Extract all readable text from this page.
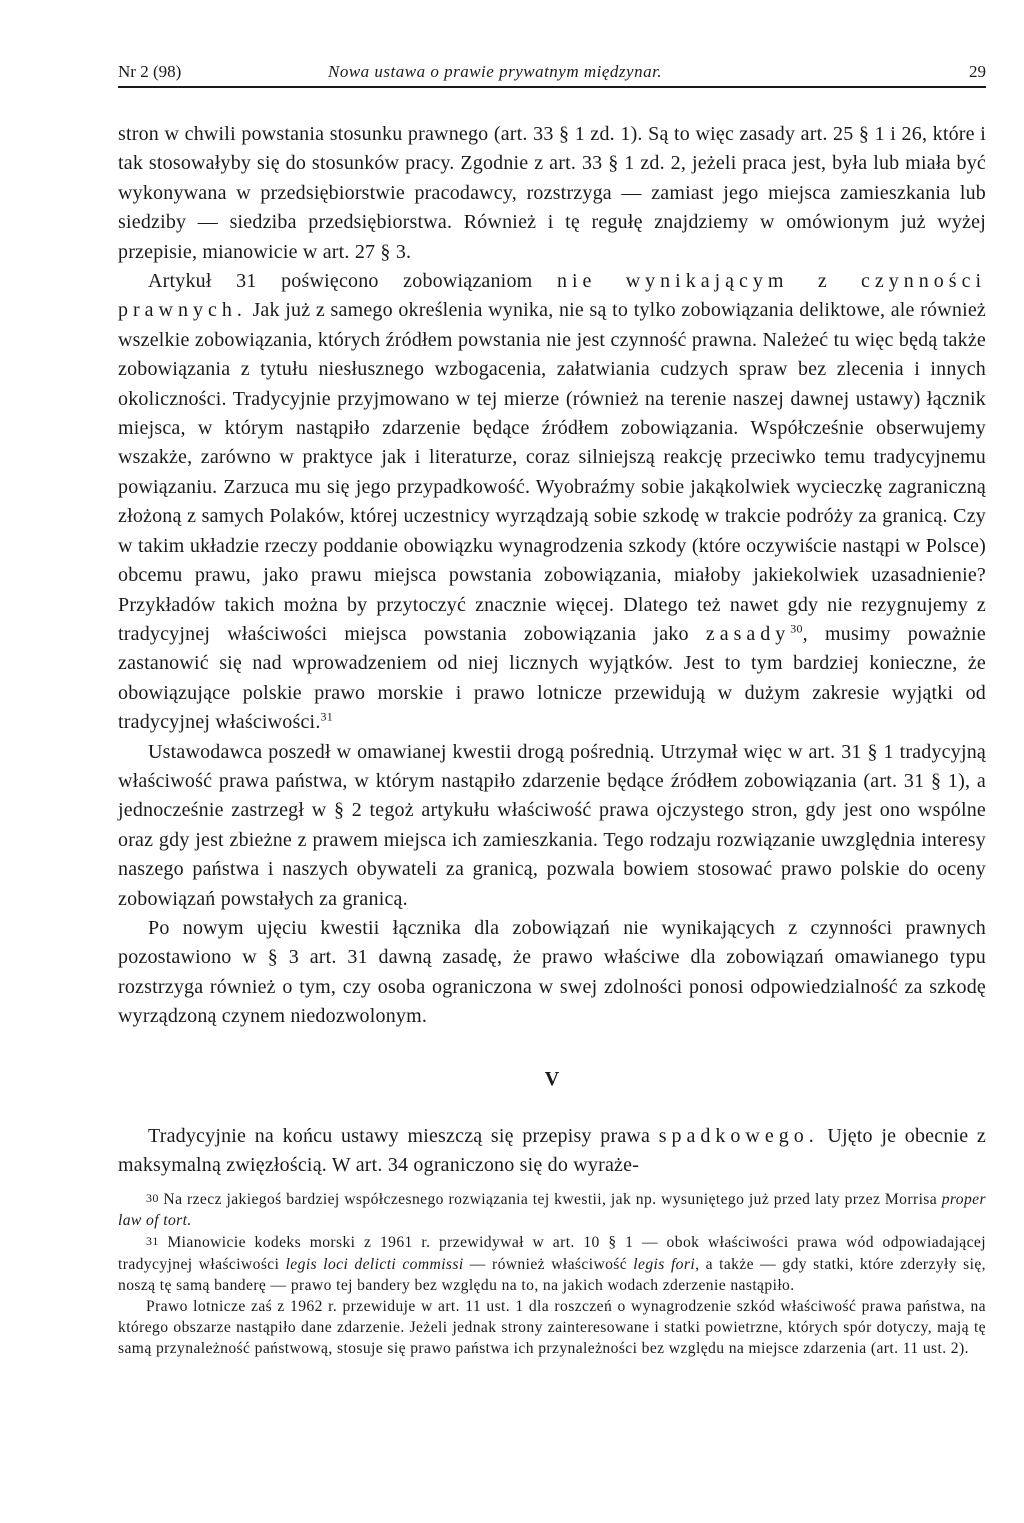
Nr 2 (98)	Nowa ustawa o prawie prywatnym międzynar.	29

stron w chwili powstania stosunku prawnego (art. 33 § 1 zd. 1). Są to więc zasady art. 25 § 1 i 26, które i tak stosowałyby się do stosunków pracy. Zgodnie z art. 33 § 1 zd. 2, jeżeli praca jest, była lub miała być wykonywana w przedsiębiorstwie pracodawcy, rozstrzyga — zamiast jego miejsca zamieszkania lub siedziby — siedziba przedsiębiorstwa. Również i tę regułę znajdziemy w omówionym już wyżej przepisie, mianowicie w art. 27 § 3.

Artykuł 31 poświęcono zobowiązaniom nie wynikającym z czynności prawnych. Jak już z samego określenia wynika, nie są to tylko zobowiązania deliktowe, ale również wszelkie zobowiązania, których źródłem powstania nie jest czynność prawna. Należeć tu więc będą także zobowiązania z tytułu niesłusznego wzbogacenia, załatwiania cudzych spraw bez zlecenia i innych okoliczności. Tradycyjnie przyjmowano w tej mierze (również na terenie naszej dawnej ustawy) łącznik miejsca, w którym nastąpiło zdarzenie będące źródłem zobowiązania. Współcześnie obserwujemy wszakże, zarówno w praktyce jak i literaturze, coraz silniejszą reakcję przeciwko temu tradycyjnemu powiązaniu. Zarzuca mu się jego przypadkowość. Wyobraźmy sobie jakąkolwiek wycieczkę zagraniczną złożoną z samych Polaków, której uczestnicy wyrządzają sobie szkodę w trakcie podróży za granicą. Czy w takim układzie rzeczy poddanie obowiązku wynagrodzenia szkody (które oczywiście nastąpi w Polsce) obcemu prawu, jako prawu miejsca powstania zobowiązania, miałoby jakiekolwiek uzasadnienie? Przykładów takich można by przytoczyć znacznie więcej. Dlatego też nawet gdy nie rezygnujemy z tradycyjnej właściwości miejsca powstania zobowiązania jako zasady$^{30}$, musimy poważnie zastanowić się nad wprowadzeniem od niej licznych wyjątków. Jest to tym bardziej konieczne, że obowiązujące polskie prawo morskie i prawo lotnicze przewidują w dużym zakresie wyjątki od tradycyjnej właściwości.$^{31}$

Ustawodawca poszedł w omawianej kwestii drogą pośrednią. Utrzymał więc w art. 31 § 1 tradycyjną właściwość prawa państwa, w którym nastąpiło zdarzenie będące źródłem zobowiązania (art. 31 § 1), a jednocześnie zastrzegł w § 2 tegoż artykułu właściwość prawa ojczystego stron, gdy jest ono wspólne oraz gdy jest zbieżne z prawem miejsca ich zamieszkania. Tego rodzaju rozwiązanie uwzględnia interesy naszego państwa i naszych obywateli za granicą, pozwala bowiem stosować prawo polskie do oceny zobowiązań powstałych za granicą.

Po nowym ujęciu kwestii łącznika dla zobowiązań nie wynikających z czynności prawnych pozostawiono w § 3 art. 31 dawną zasadę, że prawo właściwe dla zobowiązań omawianego typu rozstrzyga również o tym, czy osoba ograniczona w swej zdolności ponosi odpowiedzialność za szkodę wyrządzoną czynem niedozwolonym.

V

Tradycyjnie na końcu ustawy mieszczą się przepisy prawa spadkowego. Ujęto je obecnie z maksymalną zwięzłością. W art. 34 ograniczono się do wyraże-

30 Na rzecz jakiegoś bardziej współczesnego rozwiązania tej kwestii, jak np. wysuniętego już przed laty przez Morrisa proper law of tort.

31 Mianowicie kodeks morski z 1961 r. przewidywał w art. 10 § 1 — obok właściwości prawa wód odpowiadającej tradycyjnej właściwości legis loci delicti commissi — również właściwość legis fori, a także — gdy statki, które zderzyły się, noszą tę samą banderę — prawo tej bandery bez względu na to, na jakich wodach zderzenie nastąpiło.

Prawo lotnicze zaś z 1962 r. przewiduje w art. 11 ust. 1 dla roszczeń o wynagrodzenie szkód właściwość prawa państwa, na którego obszarze nastąpiło dane zdarzenie. Jeżeli jednak strony zainteresowane i statki powietrzne, których spór dotyczy, mają tę samą przynależność państwową, stosuje się prawo państwa ich przynależności bez względu na miejsce zdarzenia (art. 11 ust. 2).
